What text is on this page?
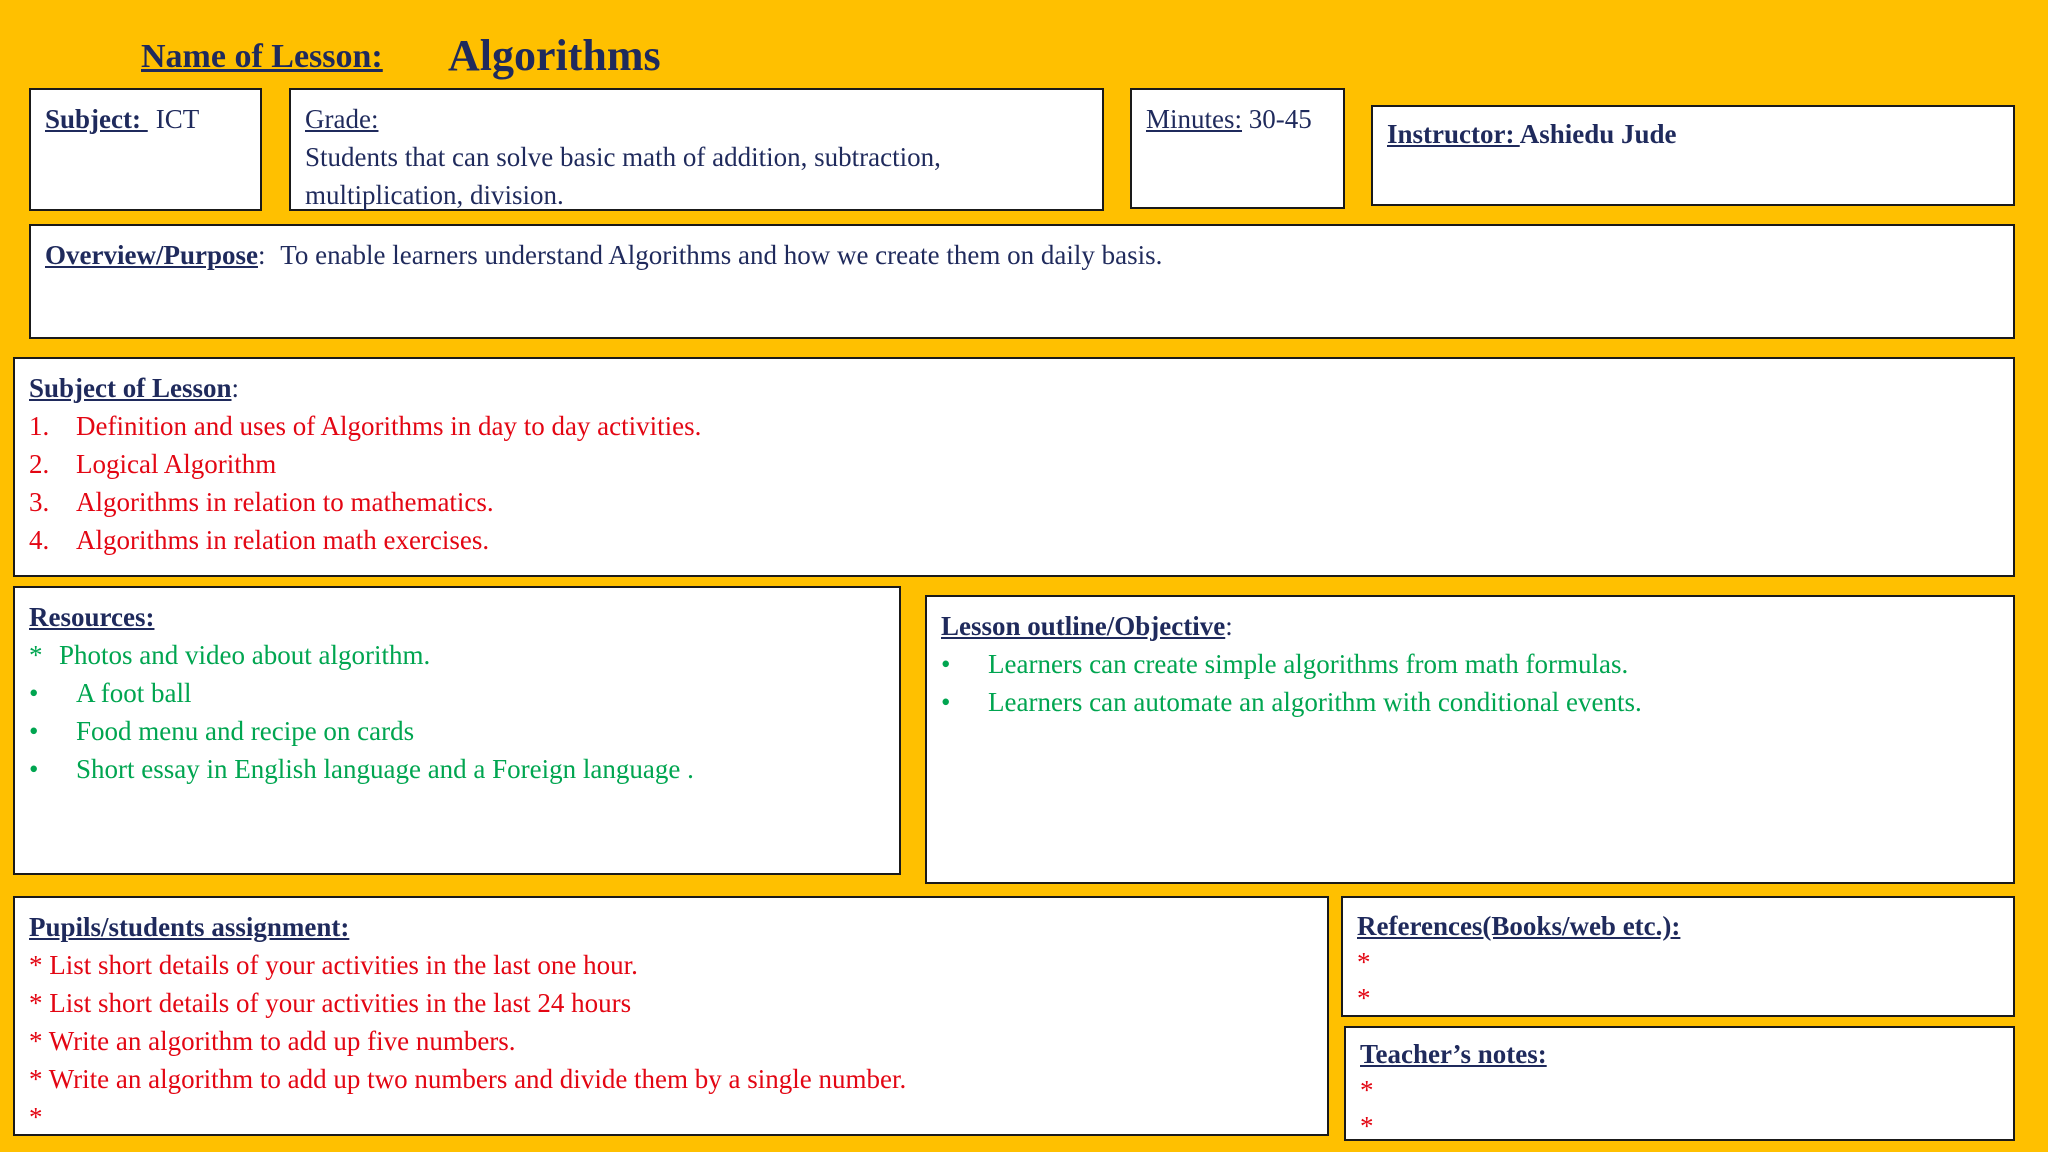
Name of Lesson: Algorithms
Subject: ICT	Grade:
Students that can solve basic math of addition, subtraction, multiplication, division.
Minutes: 30-45	Instructor: Ashiedu Jude
Overview/Purpose: To enable learners understand Algorithms and how we create them on daily basis.
Subject of Lesson:
1. Definition and uses of Algorithms in day to day activities.
2. Logical Algorithm
3. Algorithms in relation to mathematics.
4. Algorithms in relation math exercises.
Resources:
* Photos and video about algorithm.
• A foot ball
• Food menu and recipe on cards
• Short essay in English language and a Foreign language .
Lesson outline/Objective:
• Learners can create simple algorithms from math formulas.
• Learners can automate an algorithm with conditional events.
Pupils/students assignment:
* List short details of your activities in the last one hour.
* List short details of your activities in the last 24 hours
* Write an algorithm to add up five numbers.
* Write an algorithm to add up two numbers and divide them by a single number.
*
References(Books/web etc.):
*
*
Teacher’s notes:
*
*
